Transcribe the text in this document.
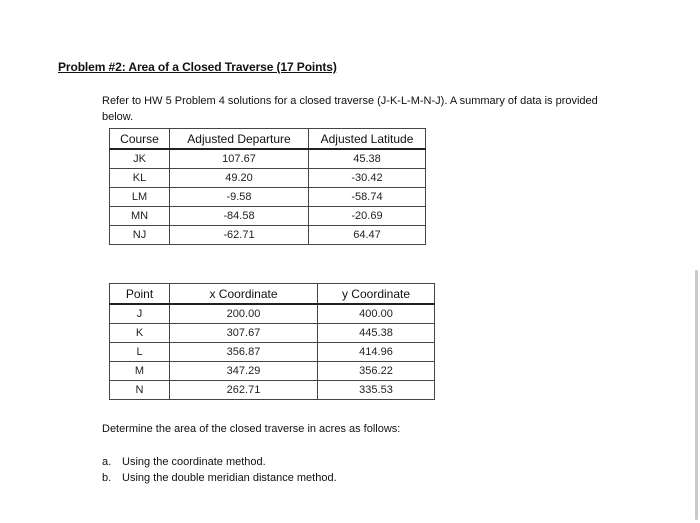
Problem #2: Area of a Closed Traverse (17 Points)
Refer to HW 5 Problem 4 solutions for a closed traverse (J-K-L-M-N-J). A summary of data is provided below.
Course	Adjusted Departure	Adjusted Latitude
JK	107.67	45.38
KL	49.20	-30.42
LM	-9.58	-58.74
MN	-84.58	-20.69
NJ	-62.71	64.47
Point	x Coordinate	y Coordinate
J	200.00	400.00
K	307.67	445.38
L	356.87	414.96
M	347.29	356.22
N	262.71	335.53
Determine the area of the closed traverse in acres as follows:
a. Using the coordinate method.
b. Using the double meridian distance method.
